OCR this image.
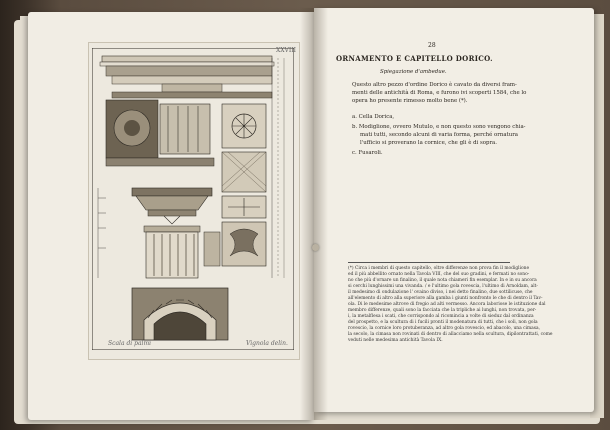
Scala di palmi	Vignola delin.
XXVIII
28
ORNAMENTO E CAPITELLO DORICO.
Spiegazione d'ambedue.
Questo altro pezzo d'ordine Dorico è cavato da diversi fram-
menti delle antichità di Roma, e furono ivi scoperti 1584, che lo
opera ho presente rimesso molto bene (*).
a. Cella Dorica,
b. Modiglione, ovvero Mutulo, e non questo sono vengono chia-
mati tutti, secondo alcuni di varia forma, perché ornatura
l'ufficio si proverano la cornice, che gli è di sopra.
c. Fusaroli.
(*) Circa i membri di questo capitello, oltre differenze non prova fin il modiglione
ed il più abbellito ornato nella Tavola VIII, che del suo gradini, e fermati no sono-
no che più d'ornare un finalino, il quale nota chiameri fin esemplar. In e in su ancora
si cerchi lunghissimi una vivanda. / e l'ultimo gola rovescia, l'ultimo di Arnoldam, alt-
il medesimo di ondulazione l' ovaino diviso, i nei detto finalino, due sottilicuse, che
all'elemento di altro alla superiore alla gamba i giunti nonfronto le che di dentro il Tav-
ola. Di le medesime altrove di fregio ad alti vermesso. Ancora laboriose le istituzione dal
membro differenze, quali sono la facciata che la tripliche ai lunghi, non trovata, per-
i, la metalflesa i scati, che corrispondo al ricomincia a volte di sieduz dal ordinanza
del prospetto, e la scultura di i fucili pronti il modenatura di tutti, che i soli, non gola
rovescio, la cornice loro protuberanza, ad altro gola rovescio, ed abacolo, una cimasa,
la secolo, la cimasa non rovinati di dentro di allacciamo nella scultura, dipilontrattati, come
veduti nelle medesima antichità Tavola IX.
